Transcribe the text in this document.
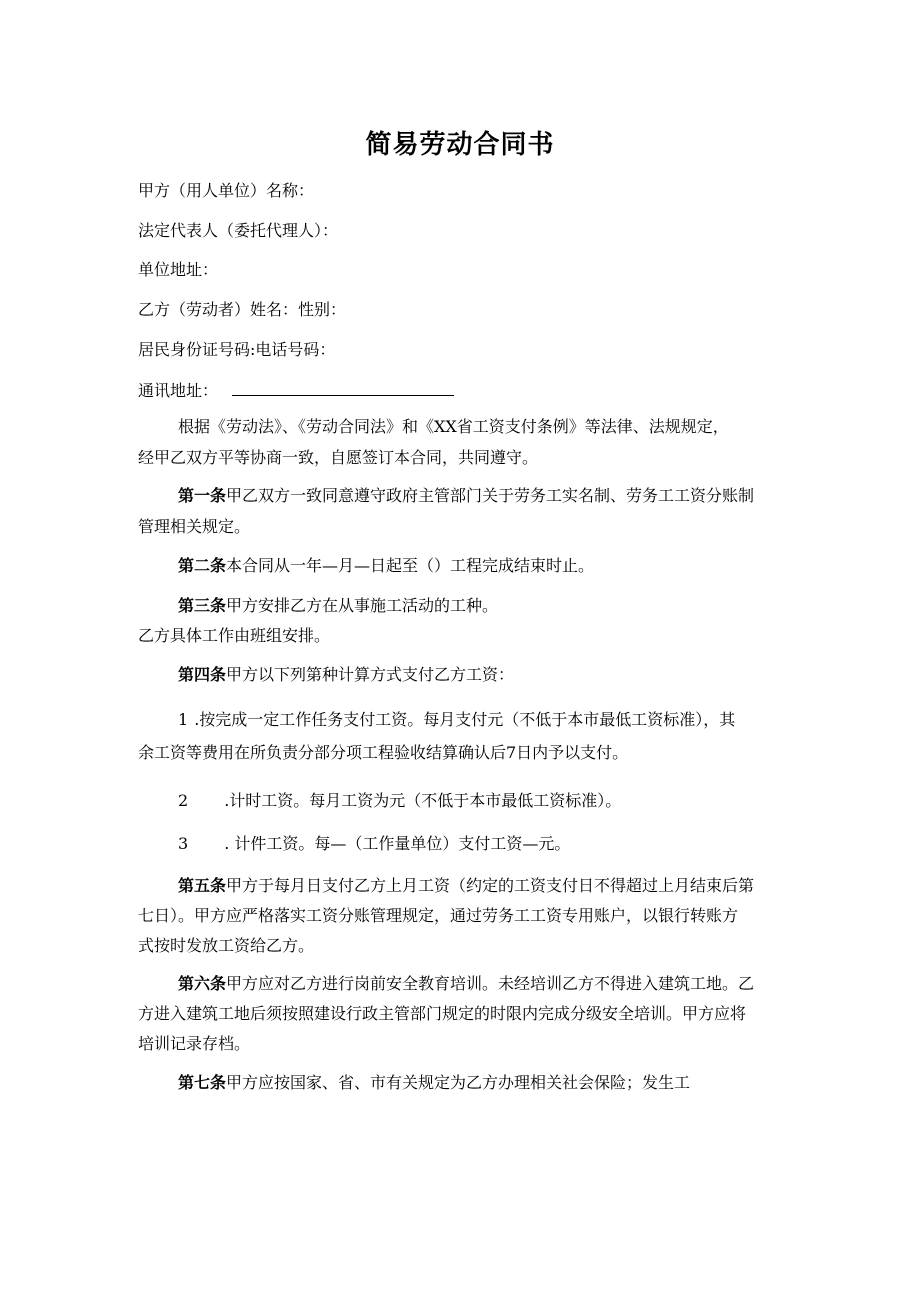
简易劳动合同书
甲方（用人单位）名称：
法定代表人（委托代理人）：
单位地址：
乙方（劳动者）姓名：性别：
居民身份证号码:电话号码：
通讯地址：
根据《劳动法》、《劳动合同法》和《XX省工资支付条例》等法律、法规规定，
经甲乙双方平等协商一致，自愿签订本合同，共同遵守。
第一条甲乙双方一致同意遵守政府主管部门关于劳务工实名制、劳务工工资分账制
管理相关规定。
第二条本合同从一年—月—日起至（）工程完成结束时止。
第三条甲方安排乙方在从事施工活动的工种。
乙方具体工作由班组安排。
第四条甲方以下列第种计算方式支付乙方工资：
1 .按完成一定工作任务支付工资。每月支付元（不低于本市最低工资标准），其
余工资等费用在所负责分部分项工程验收结算确认后7日内予以支付。
2 .计时工资。每月工资为元（不低于本市最低工资标准）。
3 . 计件工资。每—（工作量单位）支付工资—元。
第五条甲方于每月日支付乙方上月工资（约定的工资支付日不得超过上月结束后第
七日）。甲方应严格落实工资分账管理规定，通过劳务工工资专用账户，以银行转账方
式按时发放工资给乙方。
第六条甲方应对乙方进行岗前安全教育培训。未经培训乙方不得进入建筑工地。乙
方进入建筑工地后须按照建设行政主管部门规定的时限内完成分级安全培训。甲方应将
培训记录存档。
第七条甲方应按国家、省、市有关规定为乙方办理相关社会保险；发生工
